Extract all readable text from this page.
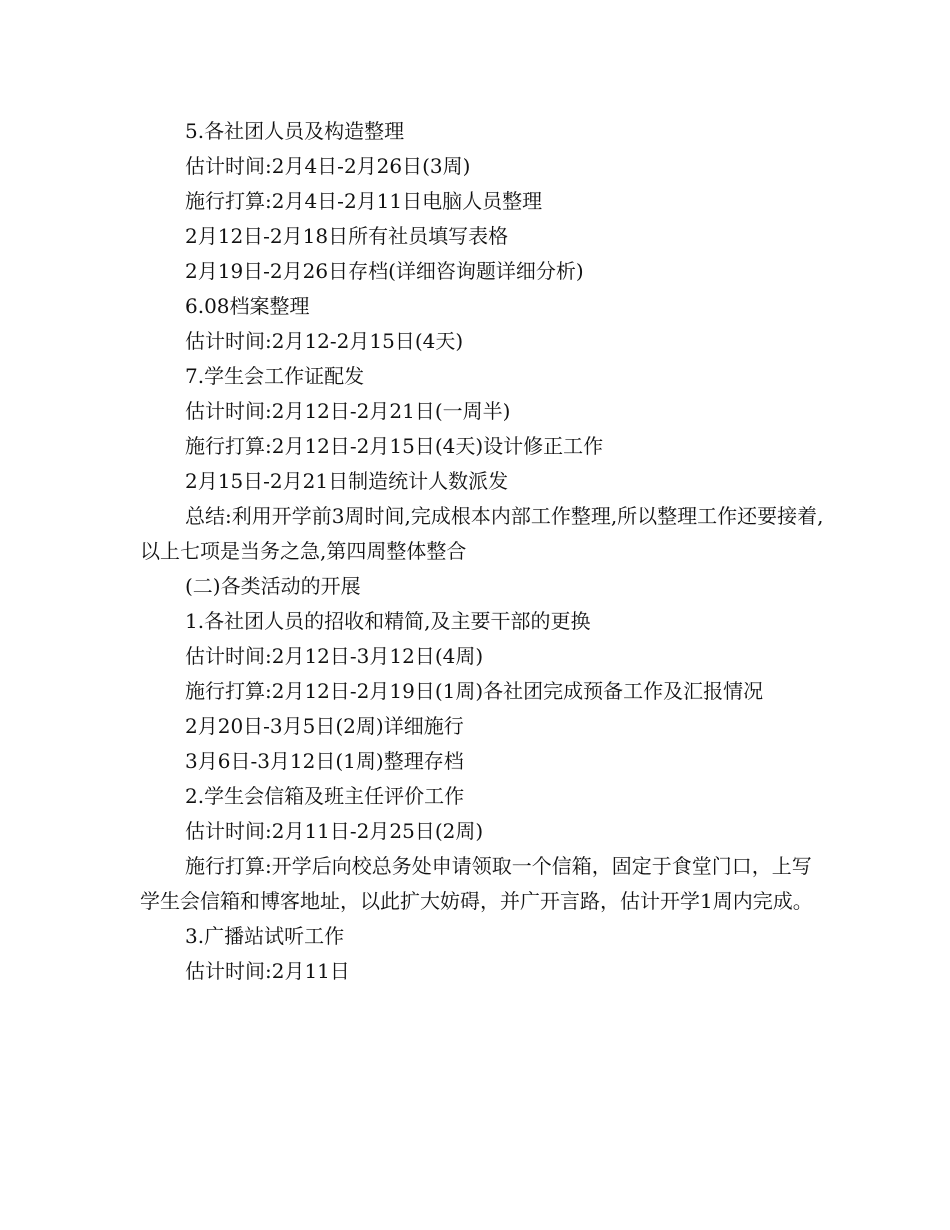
5.各社团人员及构造整理

估计时间:2月4日-2月26日(3周)

施行打算:2月4日-2月11日电脑人员整理

2月12日-2月18日所有社员填写表格

2月19日-2月26日存档(详细咨询题详细分析)

6.08档案整理

估计时间:2月12-2月15日(4天)

7.学生会工作证配发

估计时间:2月12日-2月21日(一周半)

施行打算:2月12日-2月15日(4天)设计修正工作

2月15日-2月21日制造统计人数派发

总结:利用开学前3周时间,完成根本内部工作整理,所以整理工作还要接着,以上七项是当务之急,第四周整体整合

(二)各类活动的开展

1.各社团人员的招收和精简,及主要干部的更换

估计时间:2月12日-3月12日(4周)

施行打算:2月12日-2月19日(1周)各社团完成预备工作及汇报情况

2月20日-3月5日(2周)详细施行

3月6日-3月12日(1周)整理存档

2.学生会信箱及班主任评价工作

估计时间:2月11日-2月25日(2周)

施行打算:开学后向校总务处申请领取一个信箱，固定于食堂门口，上写学生会信箱和博客地址，以此扩大妨碍，并广开言路，估计开学1周内完成。

3.广播站试听工作

估计时间:2月11日
